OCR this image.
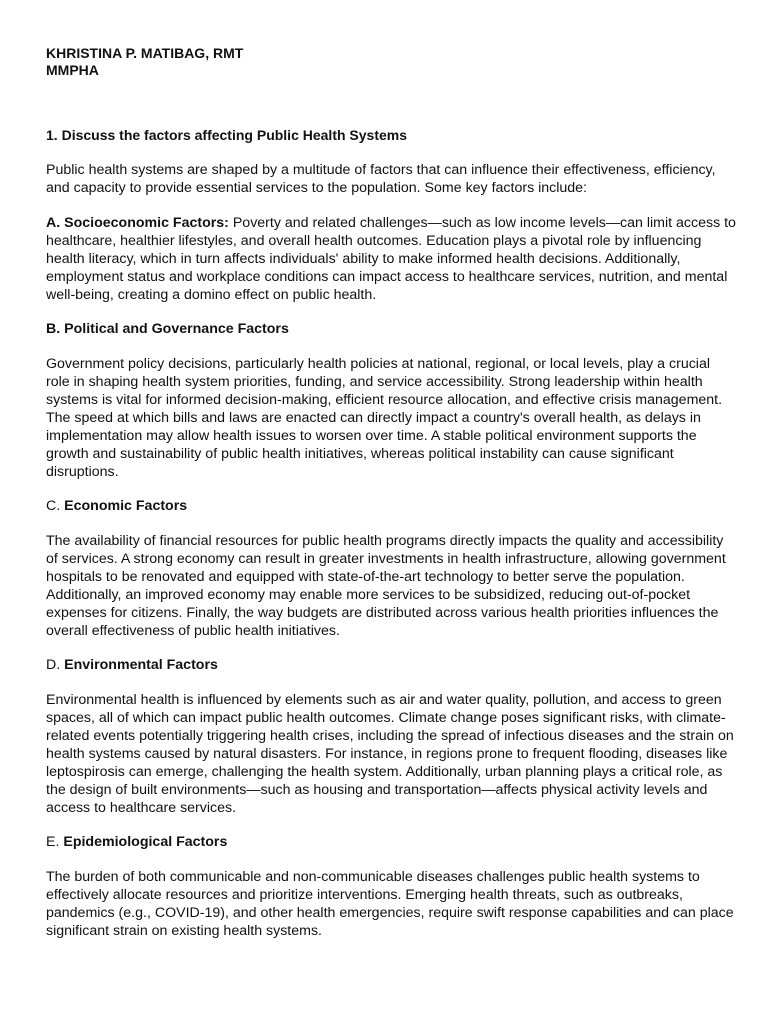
KHRISTINA P. MATIBAG, RMT
MMPHA
1. Discuss the factors affecting Public Health Systems

Public health systems are shaped by a multitude of factors that can influence their effectiveness, efficiency, and capacity to provide essential services to the population. Some key factors include:

A. Socioeconomic Factors: Poverty and related challenges—such as low income levels—can limit access to healthcare, healthier lifestyles, and overall health outcomes. Education plays a pivotal role by influencing health literacy, which in turn affects individuals' ability to make informed health decisions. Additionally, employment status and workplace conditions can impact access to healthcare services, nutrition, and mental well-being, creating a domino effect on public health.

B. Political and Governance Factors

Government policy decisions, particularly health policies at national, regional, or local levels, play a crucial role in shaping health system priorities, funding, and service accessibility. Strong leadership within health systems is vital for informed decision-making, efficient resource allocation, and effective crisis management. The speed at which bills and laws are enacted can directly impact a country's overall health, as delays in implementation may allow health issues to worsen over time. A stable political environment supports the growth and sustainability of public health initiatives, whereas political instability can cause significant disruptions.

C. Economic Factors

The availability of financial resources for public health programs directly impacts the quality and accessibility of services. A strong economy can result in greater investments in health infrastructure, allowing government hospitals to be renovated and equipped with state-of-the-art technology to better serve the population. Additionally, an improved economy may enable more services to be subsidized, reducing out-of-pocket expenses for citizens. Finally, the way budgets are distributed across various health priorities influences the overall effectiveness of public health initiatives.

D. Environmental Factors

Environmental health is influenced by elements such as air and water quality, pollution, and access to green spaces, all of which can impact public health outcomes. Climate change poses significant risks, with climate-related events potentially triggering health crises, including the spread of infectious diseases and the strain on health systems caused by natural disasters. For instance, in regions prone to frequent flooding, diseases like leptospirosis can emerge, challenging the health system. Additionally, urban planning plays a critical role, as the design of built environments—such as housing and transportation—affects physical activity levels and access to healthcare services.

E. Epidemiological Factors

The burden of both communicable and non-communicable diseases challenges public health systems to effectively allocate resources and prioritize interventions. Emerging health threats, such as outbreaks, pandemics (e.g., COVID-19), and other health emergencies, require swift response capabilities and can place significant strain on existing health systems.
